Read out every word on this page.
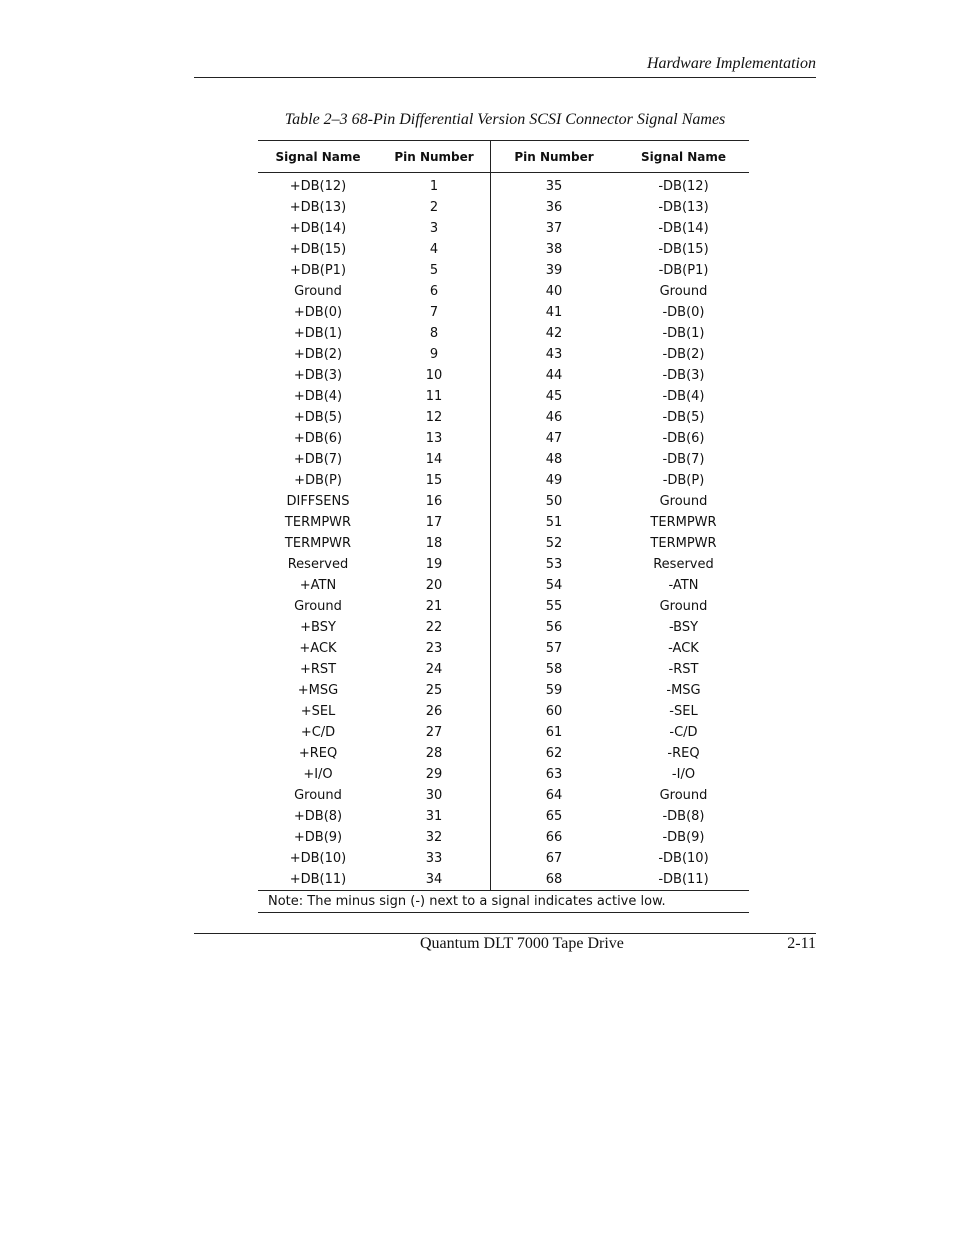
Hardware Implementation
Table 2–3 68-Pin Differential Version SCSI Connector Signal Names
Signal Name	Pin Number	Pin Number	Signal Name
+DB(12)	1	35	-DB(12)
+DB(13)	2	36	-DB(13)
+DB(14)	3	37	-DB(14)
+DB(15)	4	38	-DB(15)
+DB(P1)	5	39	-DB(P1)
Ground	6	40	Ground
+DB(0)	7	41	-DB(0)
+DB(1)	8	42	-DB(1)
+DB(2)	9	43	-DB(2)
+DB(3)	10	44	-DB(3)
+DB(4)	11	45	-DB(4)
+DB(5)	12	46	-DB(5)
+DB(6)	13	47	-DB(6)
+DB(7)	14	48	-DB(7)
+DB(P)	15	49	-DB(P)
DIFFSENS	16	50	Ground
TERMPWR	17	51	TERMPWR
TERMPWR	18	52	TERMPWR
Reserved	19	53	Reserved
+ATN	20	54	-ATN
Ground	21	55	Ground
+BSY	22	56	-BSY
+ACK	23	57	-ACK
+RST	24	58	-RST
+MSG	25	59	-MSG
+SEL	26	60	-SEL
+C/D	27	61	-C/D
+REQ	28	62	-REQ
+I/O	29	63	-I/O
Ground	30	64	Ground
+DB(8)	31	65	-DB(8)
+DB(9)	32	66	-DB(9)
+DB(10)	33	67	-DB(10)
+DB(11)	34	68	-DB(11)
Note: The minus sign (-) next to a signal indicates active low.
Quantum DLT 7000 Tape Drive	2-11
